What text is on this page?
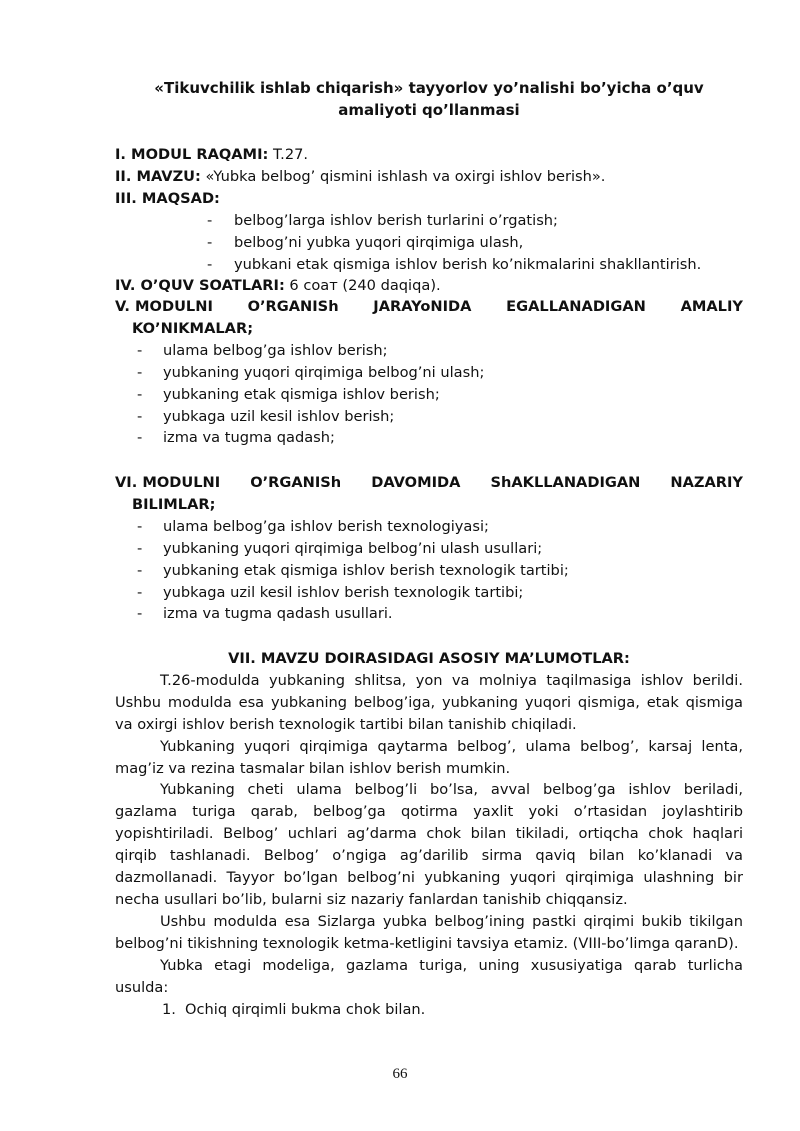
«Tikuvchilik ishlab chiqarish» tayyorlov yo’nalishi bo’yicha o’quv
amaliyoti qo’llanmasi
I. MODUL RAQAMI: T.27.
II. MAVZU: «Yubka belbog’ qismini ishlash va oxirgi ishlov berish».
III. MAQSAD:
-	belbog’larga ishlov berish turlarini o’rgatish;
-	belbog’ni yubka yuqori qirqimiga ulash,
-	yubkani etak qismiga ishlov berish ko’nikmalarini shakllantirish.
IV. O’QUV SOATLARI: 6 соат (240 daqiqa).
V. MODULNI O’RGANISh JARAYoNIDA EGALLANADIGAN AMALIY
KO’NIKMALAR;
-	ulama belbog’ga ishlov berish;
-	yubkaning yuqori qirqimiga belbog’ni ulash;
-	yubkaning etak qismiga ishlov berish;
-	yubkaga uzil kesil ishlov berish;
-	izma va tugma qadash;
VI. MODULNI O’RGANISh DAVOMIDA ShAKLLANADIGAN NAZARIY
BILIMLAR;
-	ulama belbog’ga ishlov berish texnologiyasi;
-	yubkaning yuqori qirqimiga belbog’ni ulash usullari;
-	yubkaning etak qismiga ishlov berish texnologik tartibi;
-	yubkaga uzil kesil ishlov berish texnologik tartibi;
-	izma va tugma qadash usullari.
VII. MAVZU DOIRASIDAGI ASOSIY MA’LUMOTLAR:

T.26-modulda yubkaning shlitsa, yon va molniya taqilmasiga ishlov berildi. Ushbu modulda esa yubkaning belbog’iga, yubkaning yuqori qismiga, etak qismiga va oxirgi ishlov berish texnologik tartibi bilan tanishib chiqiladi.

Yubkaning yuqori qirqimiga qaytarma belbog’, ulama belbog’, karsaj lenta, mag’iz va rezina tasmalar bilan ishlov berish mumkin.

Yubkaning cheti ulama belbog’li bo’lsa, avval belbog’ga ishlov beriladi, gazlama turiga qarab, belbog’ga qotirma yaxlit yoki o’rtasidan joylashtirib yopishtiriladi. Belbog’ uchlari ag’darma chok bilan tikiladi, ortiqcha chok haqlari qirqib tashlanadi. Belbog’ o’ngiga ag’darilib sirma qaviq bilan ko’klanadi va dazmollanadi. Tayyor bo’lgan belbog’ni yubkaning yuqori qirqimiga ulashning bir necha usullari bo’lib, bularni siz nazariy fanlardan tanishib chiqqansiz.

Ushbu modulda esa Sizlarga yubka belbog’ining pastki qirqimi bukib tikilgan belbog’ni tikishning texnologik ketma-ketligini tavsiya etamiz. (VIII-bo’limga qaranD).

Yubka etagi modeliga, gazlama turiga, uning xususiyatiga qarab turlicha usulda:

1. Ochiq qirqimli bukma chok bilan.
66
